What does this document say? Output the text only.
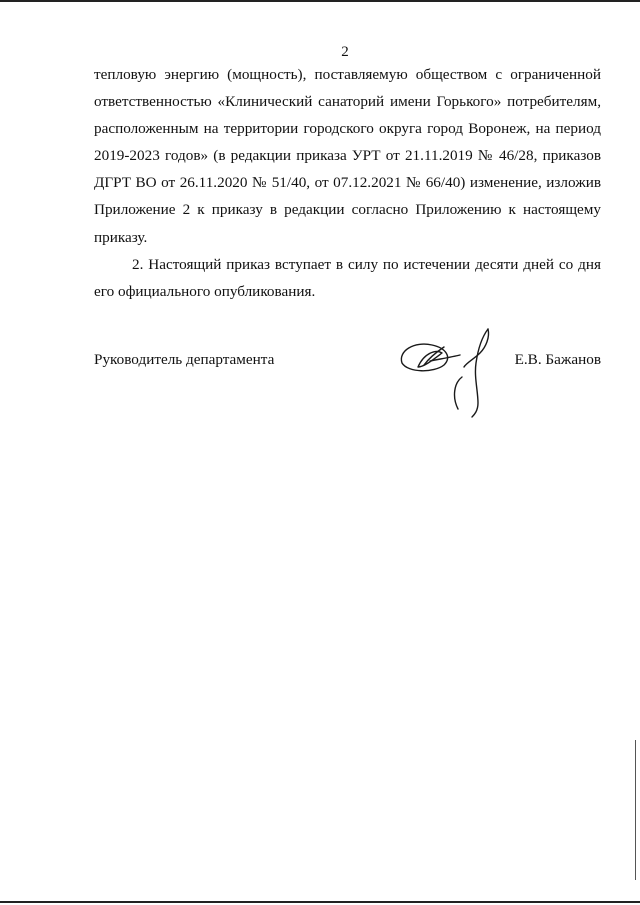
2
тепловую энергию (мощность), поставляемую обществом с ограниченной
ответственностью «Клинический санаторий имени Горького» потребителям,
расположенным на территории городского округа город Воронеж, на период
2019-2023 годов» (в редакции приказа УРТ от 21.11.2019 № 46/28, приказов
ДГРТ ВО от 26.11.2020 № 51/40, от 07.12.2021 № 66/40) изменение, изложив
Приложение 2 к приказу в редакции согласно Приложению к настоящему
приказу.
2. Настоящий приказ вступает в силу по истечении десяти дней со дня
его официального опубликования.
Руководитель департамента	Е.В. Бажанов
